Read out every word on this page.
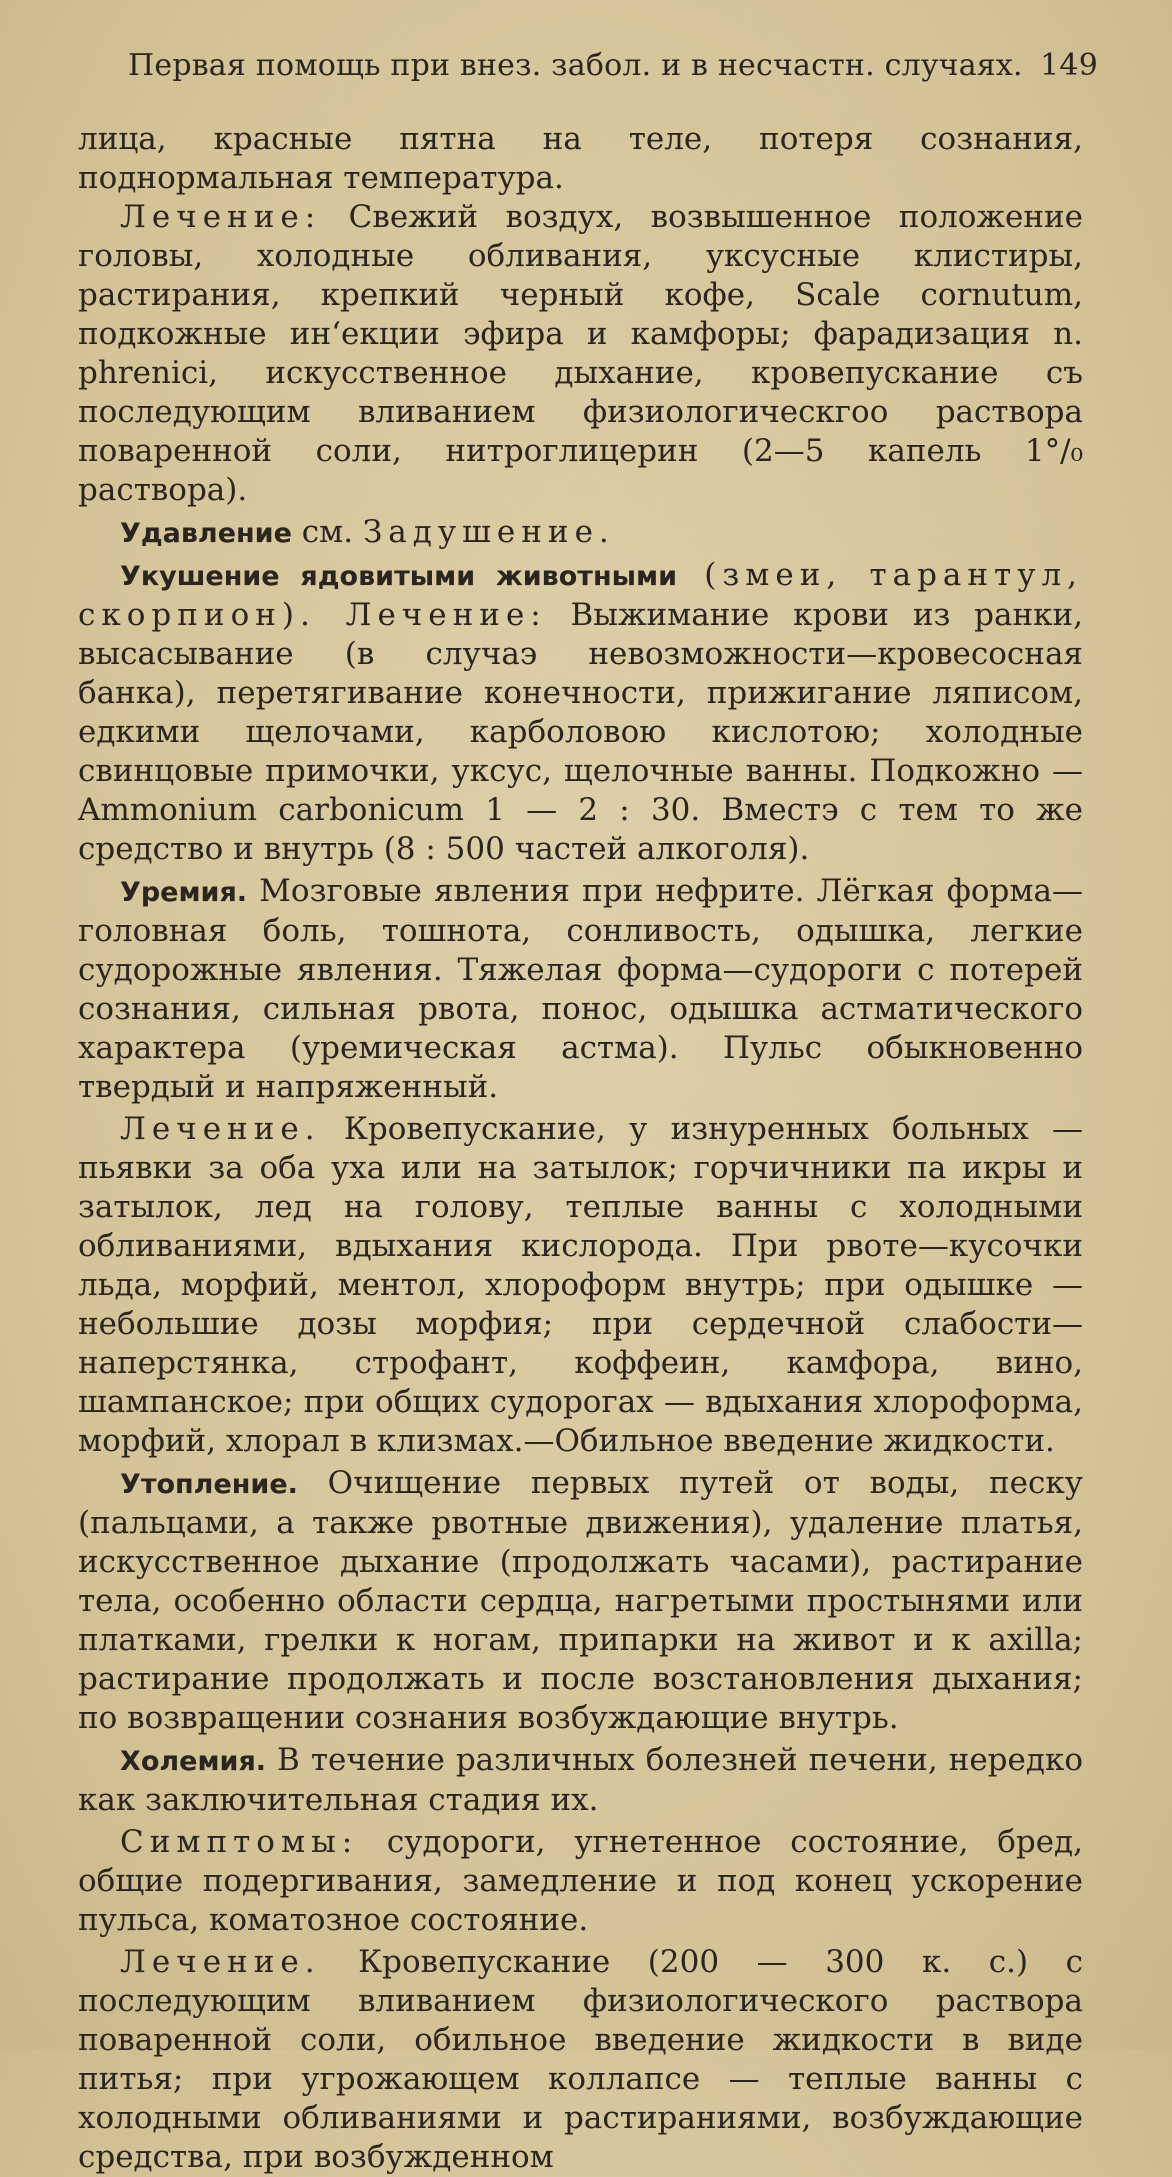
Первая помощь при внез. забол. и в несчастн. случаях. 149

лица, красные пятна на теле, потеря сознания, поднормальная температура.

Лечение: Свежий воздух, возвышенное положение головы, холодные обливания, уксусные клистиры, растирания, крепкий черный кофе, Scale cornutum, подкожные ин‘екции эфира и камфоры; фарадизация n. phrenici, искусственное дыхание, кровепускание съ последующим вливанием физиологическгоо раствора поваренной соли, нитроглицерин (2—5 капель 1°/₀ раствора).

Удавление см. Задушение.

Укушение ядовитыми животными (змеи, тарантул, скорпион). Лечение: Выжимание крови из ранки, высасывание (в случаэ невозможности—кровесосная банка), перетягивание конечности, прижигание ляписом, едкими щелочами, карболовою кислотою; холодные свинцовые примочки, уксус, щелочные ванны. Подкожно — Ammonium carbonicum 1 — 2 : 30. Вместэ с тем то же средство и внутрь (8 : 500 частей алкоголя).

Уремия. Мозговые явления при нефрите. Лёгкая форма—головная боль, тошнота, сонливость, одышка, легкие судорожные явления. Тяжелая форма—судороги с потерей сознания, сильная рвота, понос, одышка астматического характера (уремическая астма). Пульс обыкновенно твердый и напряженный.

Лечение. Кровепускание, у изнуренных больных — пьявки за оба уха или на затылок; горчичники па икры и затылок, лед на голову, теплые ванны с холодными обливаниями, вдыхания кислорода. При рвоте—кусочки льда, морфий, ментол, хлороформ внутрь; при одышке — небольшие дозы морфия; при сердечной слабости—наперстянка, строфант, коффеин, камфора, вино, шампанское; при общих судорогах — вдыхания хлороформа, морфий, хлорал в клизмах.—Обильное введение жидкости.

Утопление. Очищение первых путей от воды, песку (пальцами, а также рвотные движения), удаление платья, искусственное дыхание (продолжать часами), растирание тела, особенно области сердца, нагретыми простынями или платками, грелки к ногам, припарки на живот и к axilla; растирание продолжать и после возстановления дыхания; по возвращении сознания возбуждающие внутрь.

Холемия. В течение различных болезней печени, нередко как заключительная стадия их.

Симптомы: судороги, угнетенное состояние, бред, общие подергивания, замедление и под конец ускорение пульса, коматозное состояние.

Лечение. Кровепускание (200 — 300 к. с.) с последующим вливанием физиологического раствора поваренной соли, обильное введение жидкости в виде питья; при угрожающем коллапсе — теплые ванны с холодными обливаниями и растираниями, возбуждающие средства, при возбужденном
